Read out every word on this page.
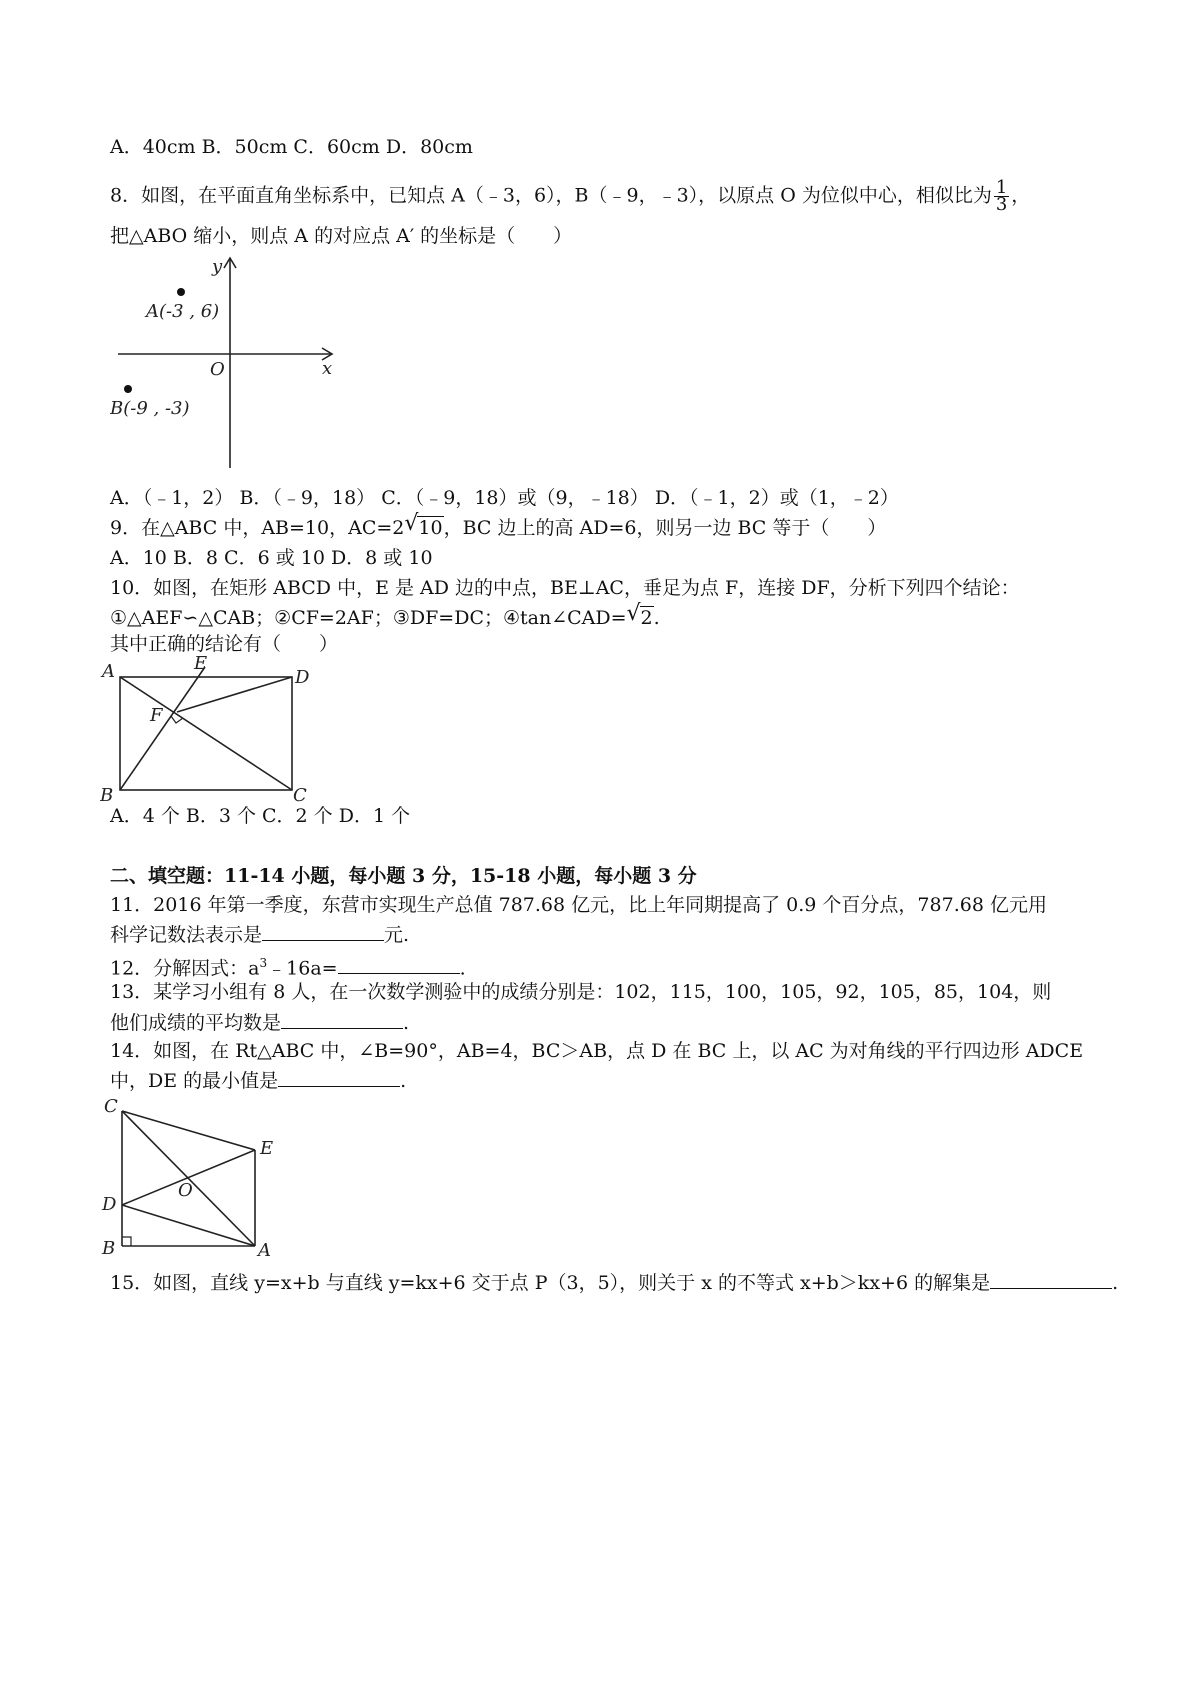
A．40cm B．50cm C．60cm D．80cm
8．如图，在平面直角坐标系中，已知点 A（﹣3，6），B（﹣9，﹣3），以原点 O 为位似中心，相似比为 $\frac{1}{3}$ ，
把△ABO 缩小，则点 A 的对应点 A′ 的坐标是（　　）
y
x
O
A(-3 , 6)
B(-9 , -3)
A．（﹣1，2） B．（﹣9，18） C．（﹣9，18）或（9，﹣18） D．（﹣1，2）或（1，﹣2）
9．在△ABC 中，AB=10，AC=2 √ 10，BC 边上的高 AD=6，则另一边 BC 等于（　　）
A．10 B．8 C．6 或 10 D．8 或 10
10．如图，在矩形 ABCD 中，E 是 AD 边的中点，BE⊥AC，垂足为点 F，连接 DF，分析下列四个结论：
①△AEF∽△CAB；②CF=2AF；③DF=DC；④tan∠CAD= √ 2.
其中正确的结论有（　　）
A	E
D
F
B	C
A．4 个 B．3 个 C．2 个 D．1 个
二、填空题：11-14 小题，每小题 3 分，15-18 小题，每小题 3 分
11．2016 年第一季度，东营市实现生产总值 787.68 亿元，比上年同期提高了 0.9 个百分点，787.68 亿元用
科学记数法表示是	元.
12．分解因式：$a^3﹣16a=$	.
13．某学习小组有 8 人，在一次数学测验中的成绩分别是：102，115，100，105，92，105，85，104，则
他们成绩的平均数是	.
14．如图，在 Rt△ABC 中，∠B=90°，AB=4，BC＞AB，点 D 在 BC 上，以 AC 为对角线的平行四边形 ADCE
中，DE 的最小值是	.
C
E
O
D
B	A
15．如图，直线 y=x+b 与直线 y=kx+6 交于点 P（3，5），则关于 x 的不等式 x+b＞kx+6 的解集是	.
